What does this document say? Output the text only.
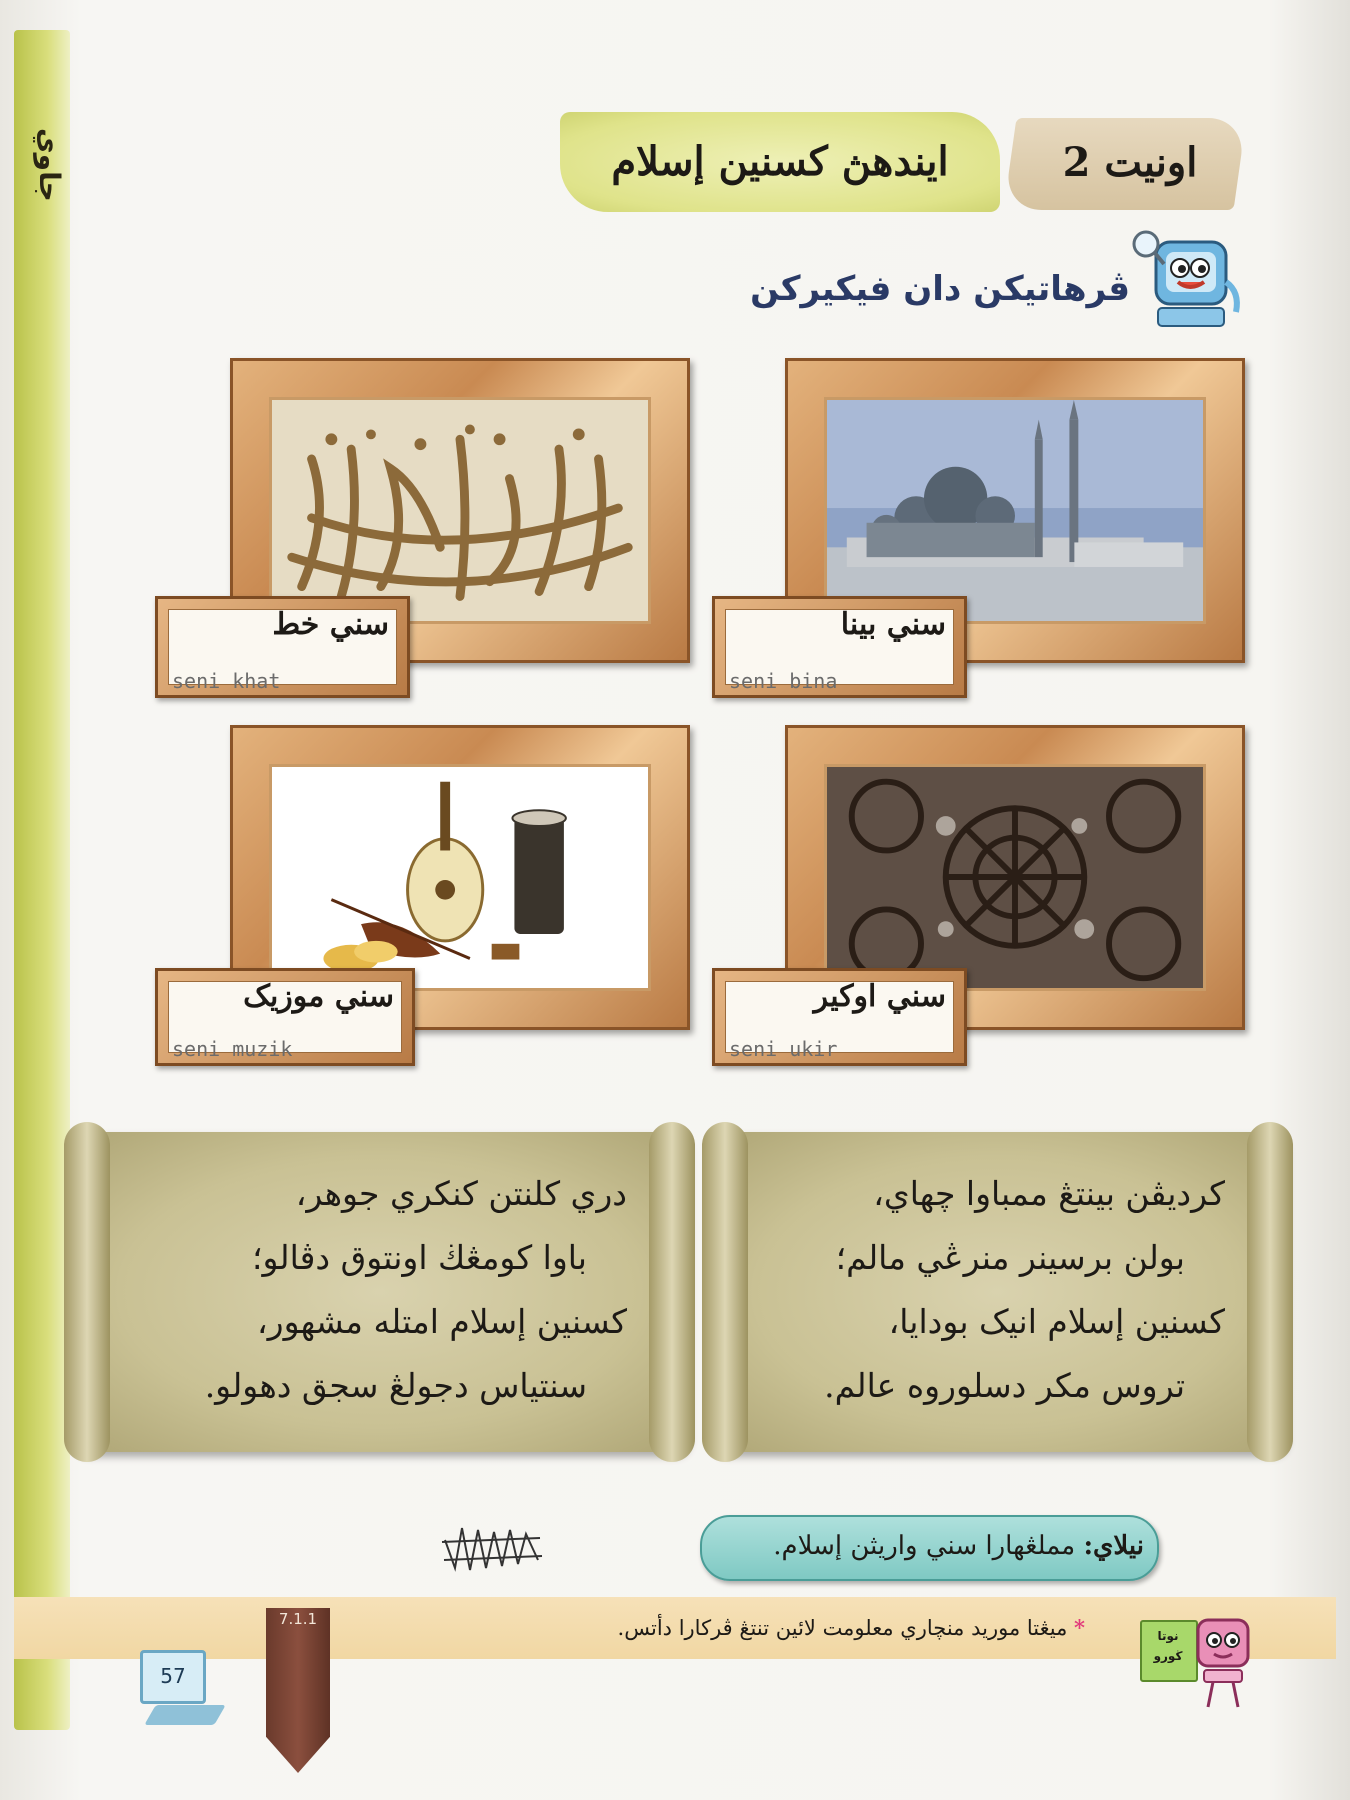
جاوي	اونيت 2
ايندهڽ كسنين إسلام
ڤرهاتيكن دان فيكيركن
سني بينا
seni bina
سني خط
seni khat
سني اوكير
seni ukir
سني موزيک
seni muzik
كرديڤن بينتڠ ممباوا چهاي،
بولن برسينر منرڠي مالم؛
كسنين إسلام انيک بودايا،
تروس مكر دسلوروه عالم.
دري كلنتن كنكري جوهر،
باوا كومڠڬ اونتوق دڤالو؛
كسنين إسلام امتله مشهور،
سنتياس دجولڠ سجق دهولو.
نيلاي: مملڠهارا سني واريثن إسلام.
7.1.1
57
* ميڠتا موريد منچاري معلومت لائين تنتڠ ڤركارا دأتس.	نوتا ڬورو
